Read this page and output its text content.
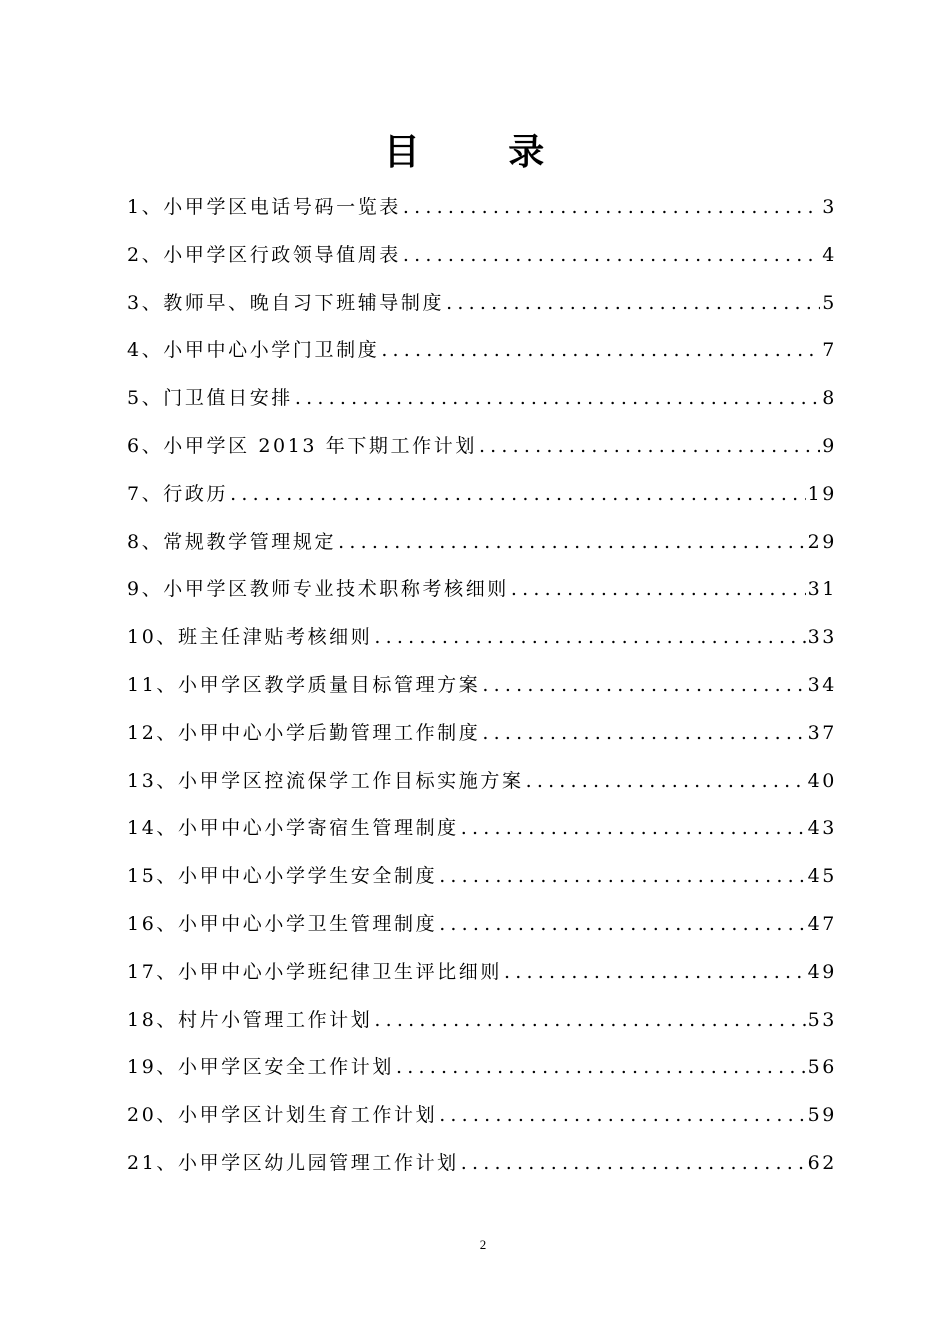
目 录
1、 小甲学区电话号码一览表 .....	3
2、 小甲学区行政领导值周表 .....	4
3、 教师早、晚自习下班辅导制度 .....	5
4、 小甲中心小学门卫制度 .....	7
5、 门卫值日安排 .....	8
6、 小甲学区 2013 年下期工作计划 .....	9
7、 行政历 .....	19
8、 常规教学管理规定 .....	29
9、 小甲学区教师专业技术职称考核细则 .....	31
10、 班主任津贴考核细则 .....	33
11、 小甲学区教学质量目标管理方案 .....	34
12、 小甲中心小学后勤管理工作制度 .....	37
13、 小甲学区控流保学工作目标实施方案 .....	40
14、 小甲中心小学寄宿生管理制度 .....	43
15、 小甲中心小学学生安全制度 .....	45
16、 小甲中心小学卫生管理制度 .....	47
17、 小甲中心小学班纪律卫生评比细则 .....	49
18、 村片小管理工作计划 .....	53
19、 小甲学区安全工作计划 .....	56
20、 小甲学区计划生育工作计划 .....	59
21、 小甲学区幼儿园管理工作计划 .....	62
2
